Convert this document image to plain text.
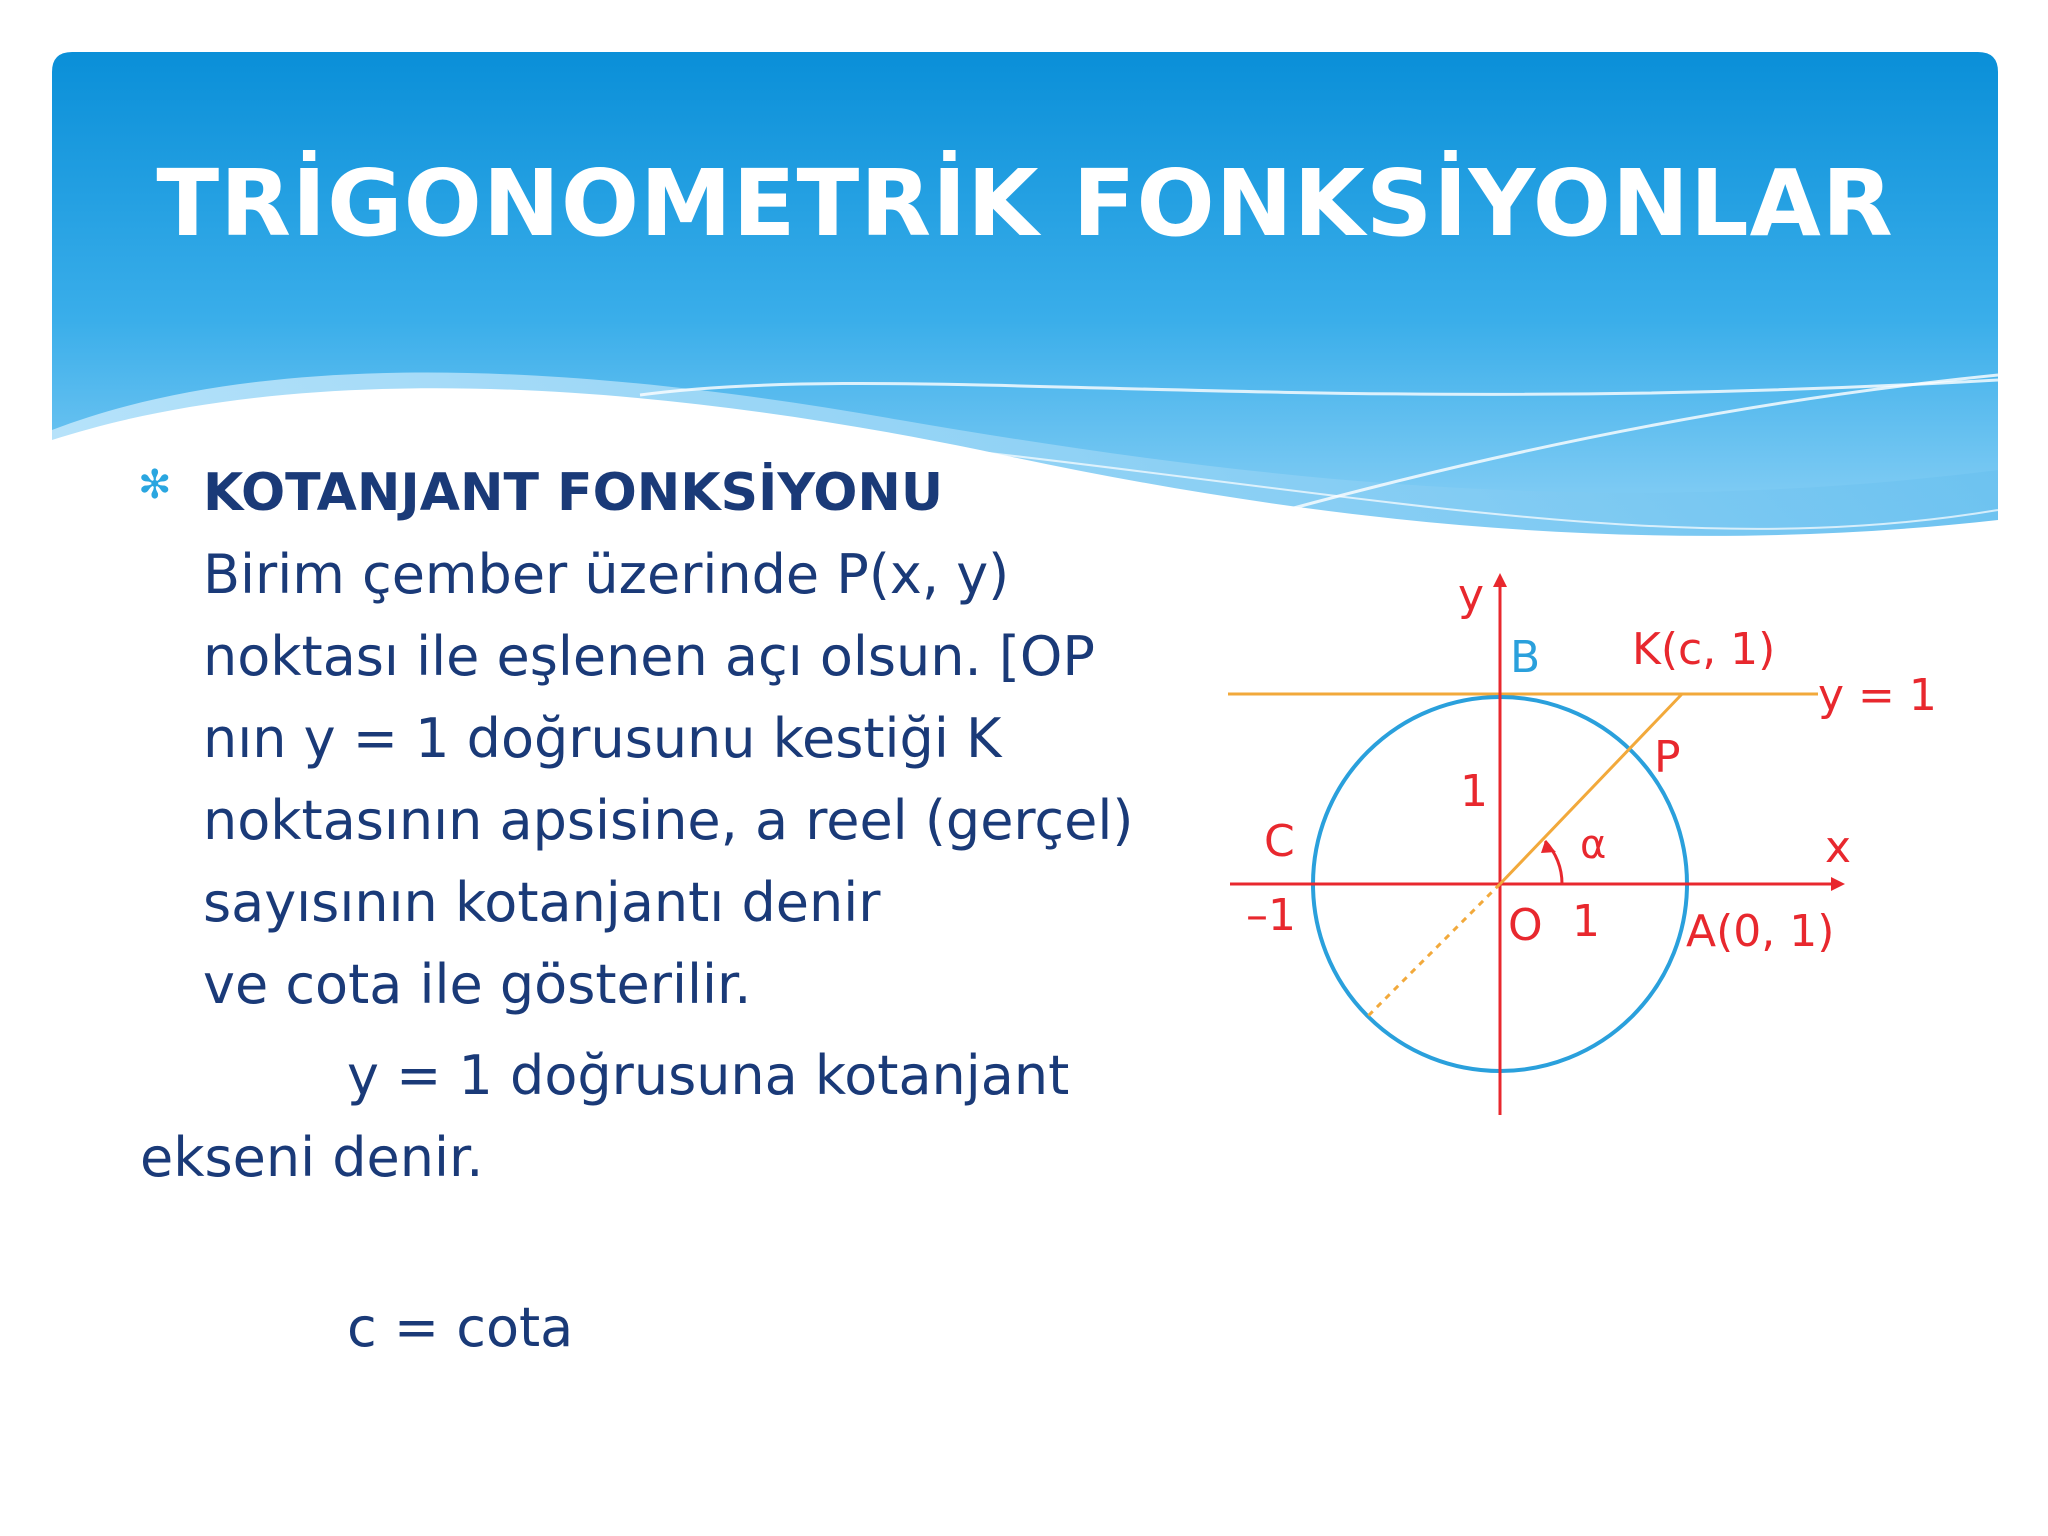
TRİGONOMETRİK FONKSİYONLAR
✻ KOTANJANT FONKSİYONU
Birim çember üzerinde P(x, y)
noktası ile eşlenen açı olsun. [OP
nın y = 1 doğrusunu kestiği K
noktasının apsisine, a reel (gerçel)
sayısının kotanjantı denir
ve cota ile gösterilir.
y = 1 doğrusuna kotanjant
ekseni denir.
c = cota
y
x
B K(c, 1)
y = 1
P
1
α
C
–1	O 1 A(0, 1)
